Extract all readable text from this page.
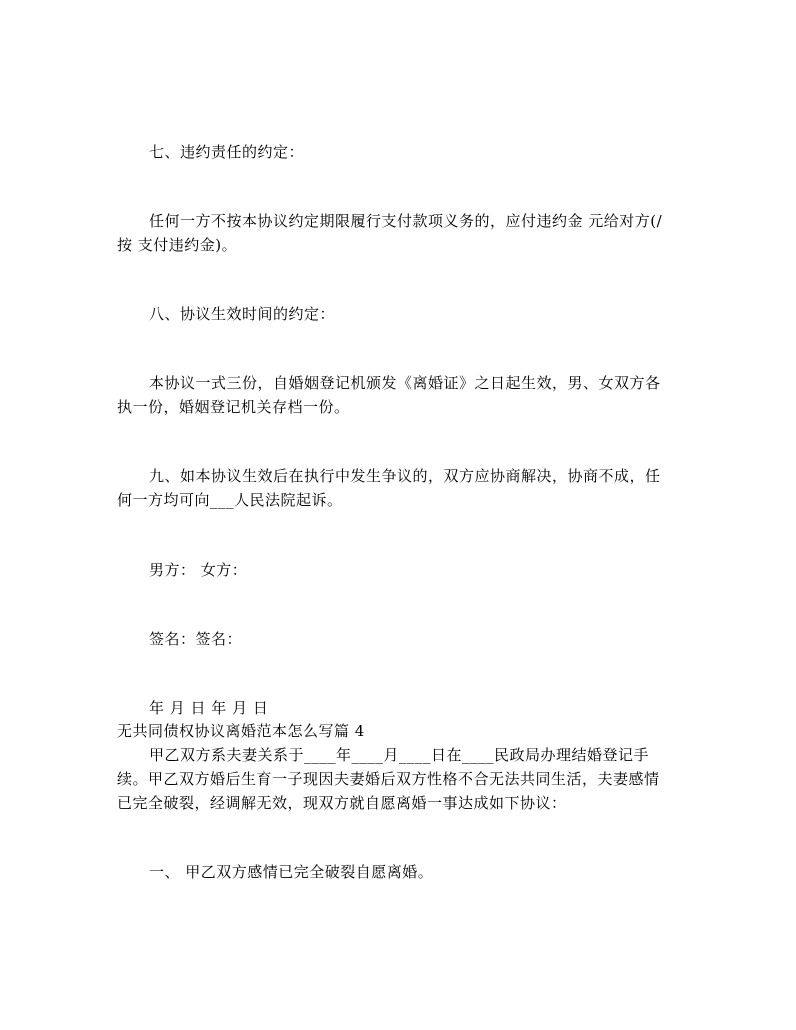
七、违约责任的约定：
任何一方不按本协议约定期限履行支付款项义务的，应付违约金 元给对方(/
按 支付违约金)。
八、协议生效时间的约定：
本协议一式三份，自婚姻登记机颁发《离婚证》之日起生效，男、女双方各
执一份，婚姻登记机关存档一份。
九、如本协议生效后在执行中发生争议的，双方应协商解决，协商不成，任
何一方均可向___人民法院起诉。
男方： 女方：
签名：签名：
年 月 日 年 月 日
无共同债权协议离婚范本怎么写篇 4
甲乙双方系夫妻关系于____年____月____日在____民政局办理结婚登记手
续。甲乙双方婚后生育一子现因夫妻婚后双方性格不合无法共同生活，夫妻感情
已完全破裂，经调解无效，现双方就自愿离婚一事达成如下协议：
一、 甲乙双方感情已完全破裂自愿离婚。
